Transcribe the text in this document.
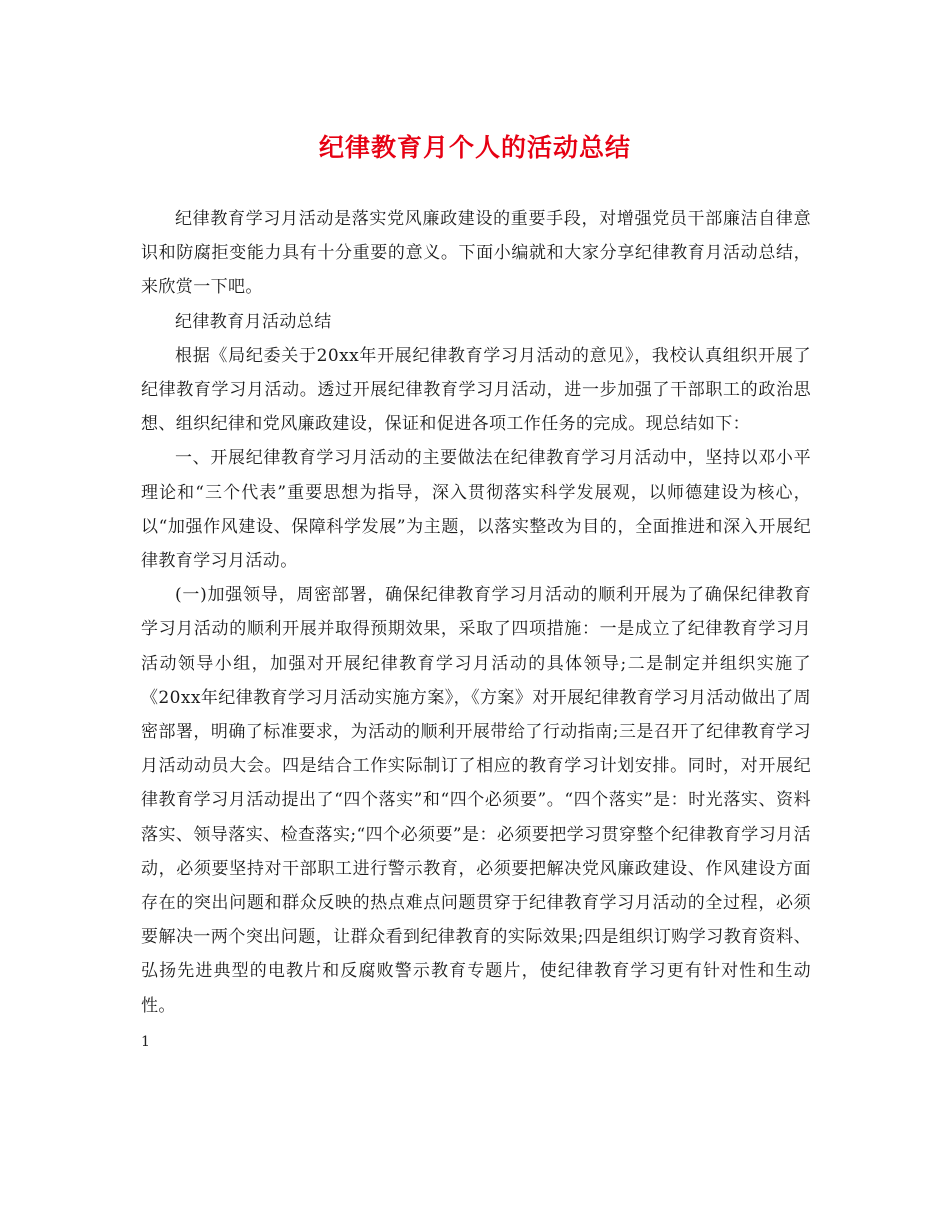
纪律教育月个人的活动总结

纪律教育学习月活动是落实党风廉政建设的重要手段，对增强党员干部廉洁自律意识和防腐拒变能力具有十分重要的意义。下面小编就和大家分享纪律教育月活动总结，来欣赏一下吧。

纪律教育月活动总结

根据《局纪委关于20xx年开展纪律教育学习月活动的意见》，我校认真组织开展了纪律教育学习月活动。透过开展纪律教育学习月活动，进一步加强了干部职工的政治思想、组织纪律和党风廉政建设，保证和促进各项工作任务的完成。现总结如下：

一、开展纪律教育学习月活动的主要做法在纪律教育学习月活动中，坚持以邓小平理论和“三个代表”重要思想为指导，深入贯彻落实科学发展观，以师德建设为核心，以“加强作风建设、保障科学发展”为主题，以落实整改为目的，全面推进和深入开展纪律教育学习月活动。

(一)加强领导，周密部署，确保纪律教育学习月活动的顺利开展为了确保纪律教育学习月活动的顺利开展并取得预期效果，采取了四项措施：一是成立了纪律教育学习月活动领导小组，加强对开展纪律教育学习月活动的具体领导;二是制定并组织实施了《20xx年纪律教育学习月活动实施方案》，《方案》对开展纪律教育学习月活动做出了周密部署，明确了标准要求，为活动的顺利开展带给了行动指南;三是召开了纪律教育学习月活动动员大会。四是结合工作实际制订了相应的教育学习计划安排。同时，对开展纪律教育学习月活动提出了“四个落实”和“四个必须要”。“四个落实”是：时光落实、资料落实、领导落实、检查落实;“四个必须要”是：必须要把学习贯穿整个纪律教育学习月活动，必须要坚持对干部职工进行警示教育，必须要把解决党风廉政建设、作风建设方面存在的突出问题和群众反映的热点难点问题贯穿于纪律教育学习月活动的全过程，必须要解决一两个突出问题，让群众看到纪律教育的实际效果;四是组织订购学习教育资料、弘扬先进典型的电教片和反腐败警示教育专题片，使纪律教育学习更有针对性和生动性。

1
